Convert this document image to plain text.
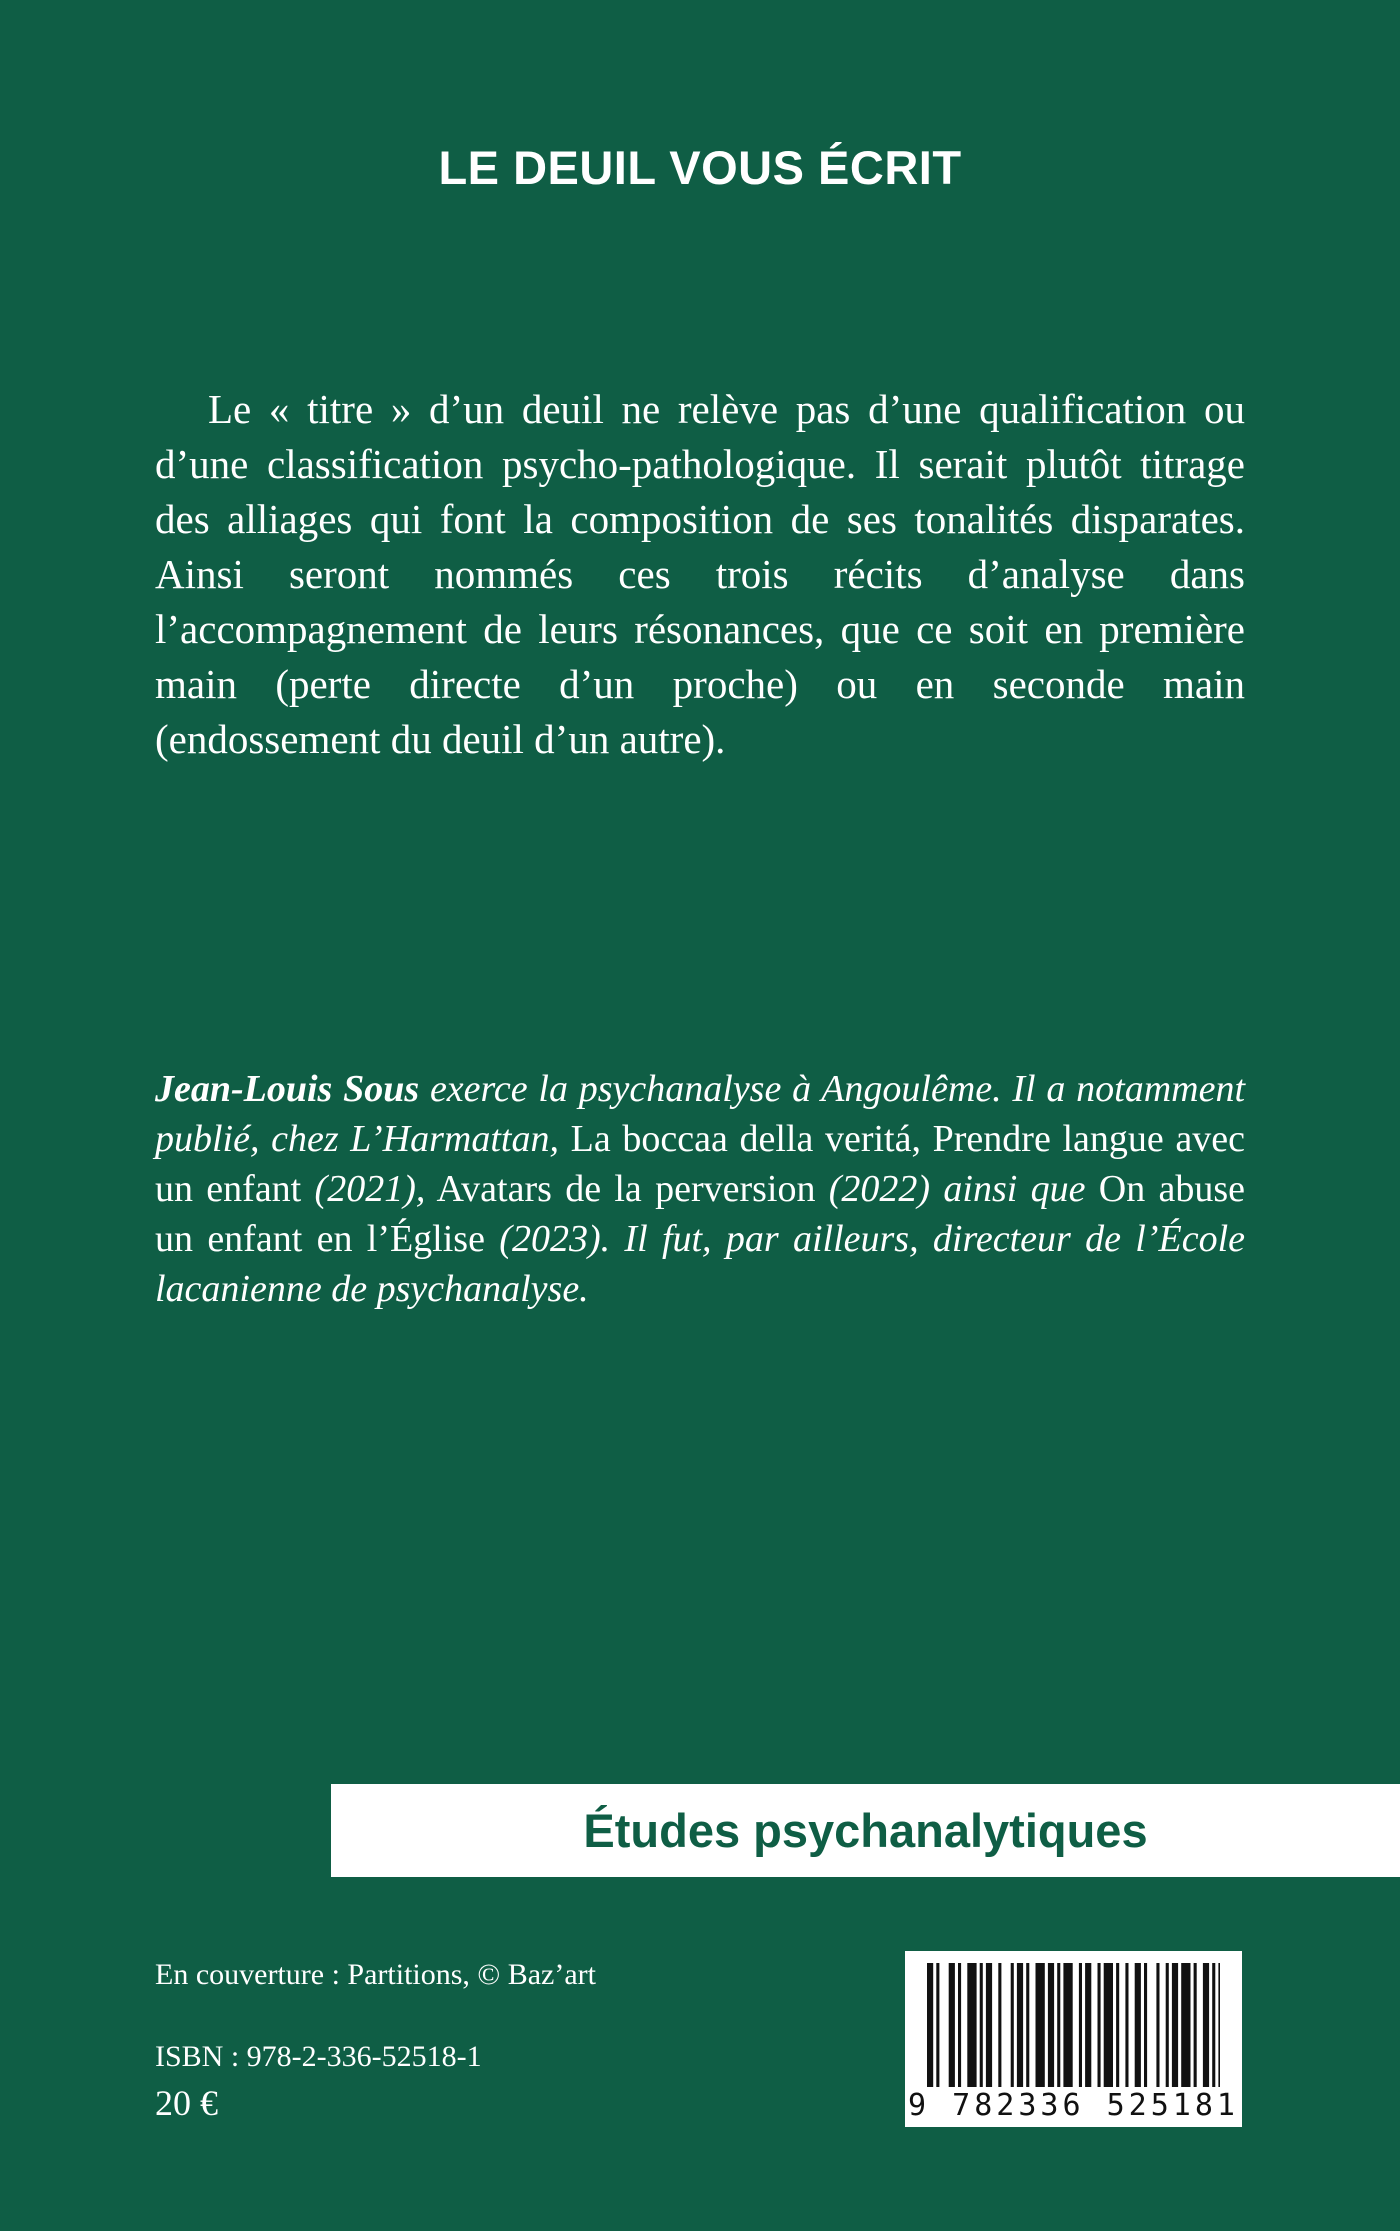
LE DEUIL VOUS ÉCRIT

Le « titre » d’un deuil ne relève pas d’une qualification ou d’une classification psycho-pathologique. Il serait plutôt titrage des alliages qui font la composition de ses tonalités disparates. Ainsi seront nommés ces trois récits d’analyse dans l’accompagnement de leurs résonances, que ce soit en première main (perte directe d’un proche) ou en seconde main (endossement du deuil d’un autre).

Jean-Louis Sous exerce la psychanalyse à Angoulême. Il a notamment publié, chez L’Harmattan, La boccaa della veritá, Prendre langue avec un enfant (2021), Avatars de la perversion (2022) ainsi que On abuse un enfant en l’Église (2023). Il fut, par ailleurs, directeur de l’École lacanienne de psychanalyse.

Études psychanalytiques
En couverture : Partitions, © Baz’art
ISBN : 978-2-336-52518-1
20 €	9 782336 525181
